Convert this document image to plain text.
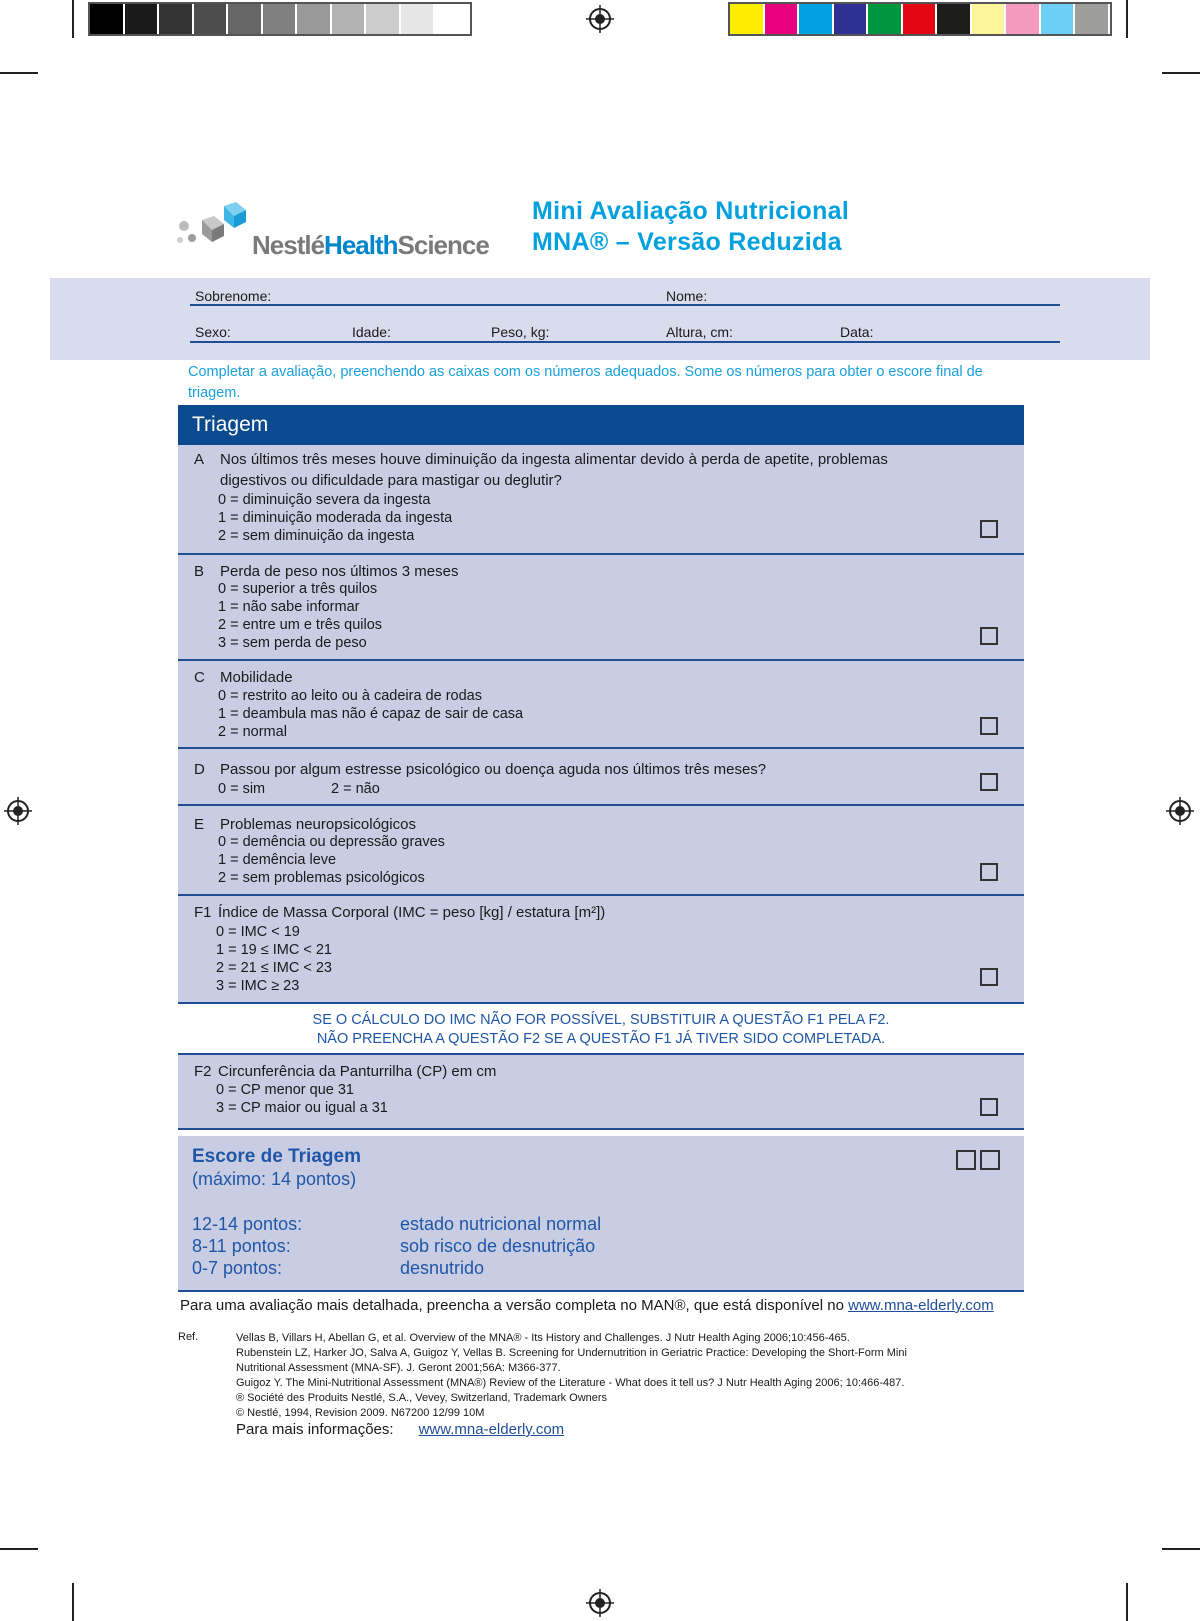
NestléHealthScience
Mini Avaliação Nutricional
MNA® – Versão Reduzida
Sobrenome:	Nome:
Sexo:	Idade:	Peso, kg:	Altura, cm:	Data:
Completar a avaliação, preenchendo as caixas com os números adequados. Some os números para obter o escore final de triagem.
Triagem
A Nos últimos três meses houve diminuição da ingesta alimentar devido à perda de apetite, problemas
digestivos ou dificuldade para mastigar ou deglutir?
0 = diminuição severa da ingesta
1 = diminuição moderada da ingesta
2 = sem diminuição da ingesta
B Perda de peso nos últimos 3 meses
0 = superior a três quilos
1 = não sabe informar
2 = entre um e três quilos
3 = sem perda de peso
C Mobilidade
0 = restrito ao leito ou à cadeira de rodas
1 = deambula mas não é capaz de sair de casa
2 = normal
D Passou por algum estresse psicológico ou doença aguda nos últimos três meses?
0 = sim	2 = não
E Problemas neuropsicológicos
0 = demência ou depressão graves
1 = demência leve
2 = sem problemas psicológicos
F1 Índice de Massa Corporal (IMC = peso [kg] / estatura [m²])
0 = IMC < 19
1 = 19 ≤ IMC < 21
2 = 21 ≤ IMC < 23
3 = IMC ≥ 23
SE O CÁLCULO DO IMC NÃO FOR POSSÍVEL, SUBSTITUIR A QUESTÃO F1 PELA F2.
NÃO PREENCHA A QUESTÃO F2 SE A QUESTÃO F1 JÁ TIVER SIDO COMPLETADA.
F2 Circunferência da Panturrilha (CP) em cm
0 = CP menor que 31
3 = CP maior ou igual a 31
Escore de Triagem
(máximo: 14 pontos)
12-14 pontos:	estado nutricional normal
8-11 pontos:	sob risco de desnutrição
0-7 pontos:	desnutrido
Para uma avaliação mais detalhada, preencha a versão completa no MAN®, que está disponível no www.mna-elderly.com
Ref.	Vellas B, Villars H, Abellan G, et al. Overview of the MNA® - Its History and Challenges. J Nutr Health Aging 2006;10:456-465.
Rubenstein LZ, Harker JO, Salva A, Guigoz Y, Vellas B. Screening for Undernutrition in Geriatric Practice: Developing the Short-Form Mini
Nutritional Assessment (MNA-SF). J. Geront 2001;56A: M366-377.
Guigoz Y. The Mini-Nutritional Assessment (MNA®) Review of the Literature - What does it tell us? J Nutr Health Aging 2006; 10:466-487.
® Société des Produits Nestlé, S.A., Vevey, Switzerland, Trademark Owners
© Nestlé, 1994, Revision 2009. N67200 12/99 10M
Para mais informações: www.mna-elderly.com
